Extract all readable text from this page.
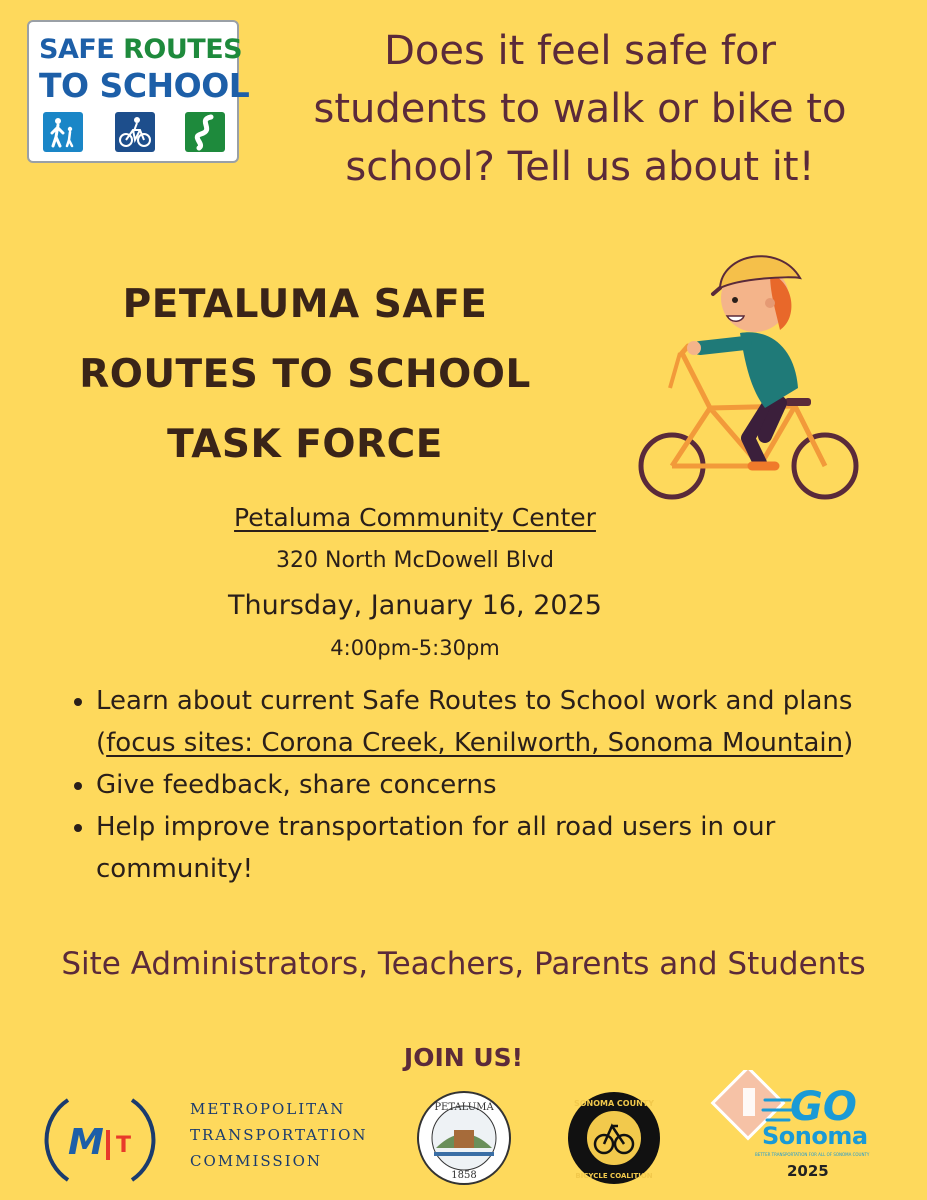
SAFE ROUTES
TO SCHOOL
Does it feel safe for
students to walk or bike to
school? Tell us about it!
PETALUMA SAFE
ROUTES TO SCHOOL
TASK FORCE
Petaluma Community Center
320 North McDowell Blvd
Thursday, January 16, 2025
4:00pm-5:30pm
• Learn about current Safe Routes to School work and plans (focus sites: Corona Creek, Kenilworth, Sonoma Mountain)
• Give feedback, share concerns
• Help improve transportation for all road users in our community!
Site Administrators, Teachers, Parents and Students
JOIN US!
M T
METROPOLITAN
TRANSPORTATION
COMMISSION
PETALUMA
1858
SONOMA COUNTY
BICYCLE COALITION
GO
Sonoma
BETTER TRANSPORTATION FOR ALL OF SONOMA COUNTY
2025
